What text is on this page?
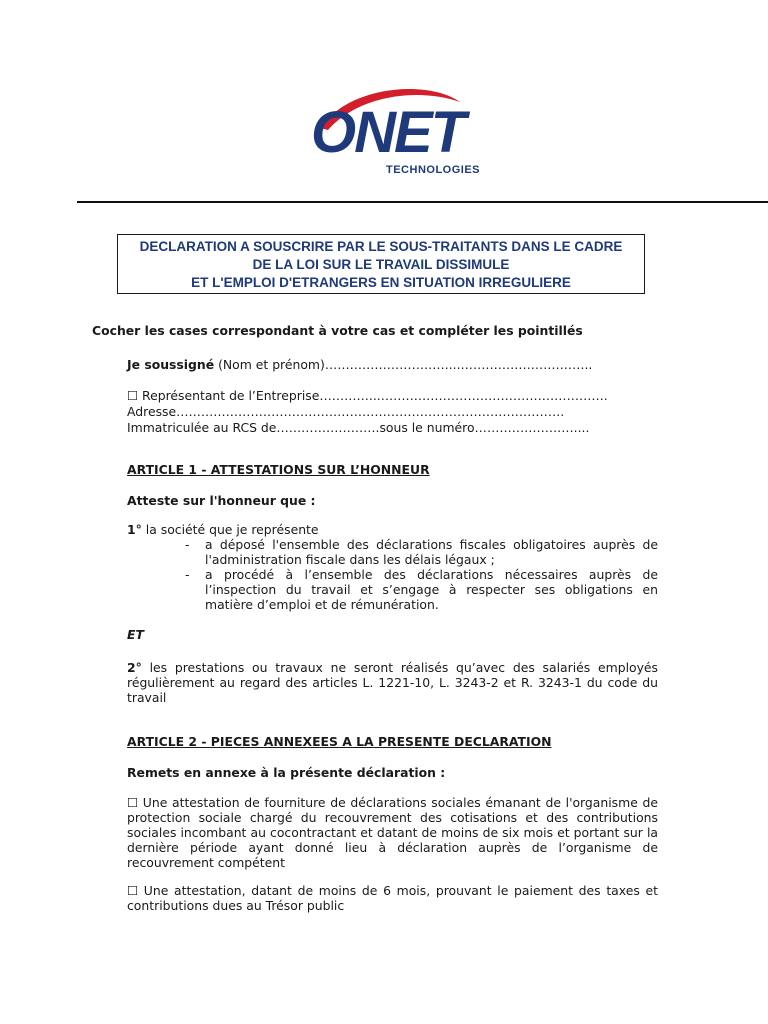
ONET
TECHNOLOGIES
DECLARATION A SOUSCRIRE PAR LE SOUS-TRAITANTS DANS LE CADRE
DE LA LOI SUR LE TRAVAIL DISSIMULE
ET L'EMPLOI D'ETRANGERS EN SITUATION IRREGULIERE
Cocher les cases correspondant à votre cas et compléter les pointillés
Je soussigné (Nom et prénom)…………………………...…………………………..
☐ Représentant de l’Entreprise…………...……………………………………………….
Adresse………………………………………………………………………………….
Immatriculée au RCS de…………………….sous le numéro……………………....
ARTICLE 1 - ATTESTATIONS SUR L’HONNEUR
Atteste sur l'honneur que :
1° la société que je représente
- a déposé l'ensemble des déclarations fiscales obligatoires auprès de l'administration fiscale dans les délais légaux ;
- a procédé à l’ensemble des déclarations nécessaires auprès de l’inspection du travail et s’engage à respecter ses obligations en matière d’emploi et de rémunération.
ET
2° les prestations ou travaux ne seront réalisés qu’avec des salariés employés régulièrement au regard des articles L. 1221-10, L. 3243-2 et R. 3243-1 du code du travail
ARTICLE 2 - PIECES ANNEXEES A LA PRESENTE DECLARATION
Remets en annexe à la présente déclaration :
☐ Une attestation de fourniture de déclarations sociales émanant de l'organisme de protection sociale chargé du recouvrement des cotisations et des contributions sociales incombant au cocontractant et datant de moins de six mois et portant sur la dernière période ayant donné lieu à déclaration auprès de l’organisme de recouvrement compétent
☐ Une attestation, datant de moins de 6 mois, prouvant le paiement des taxes et contributions dues au Trésor public
